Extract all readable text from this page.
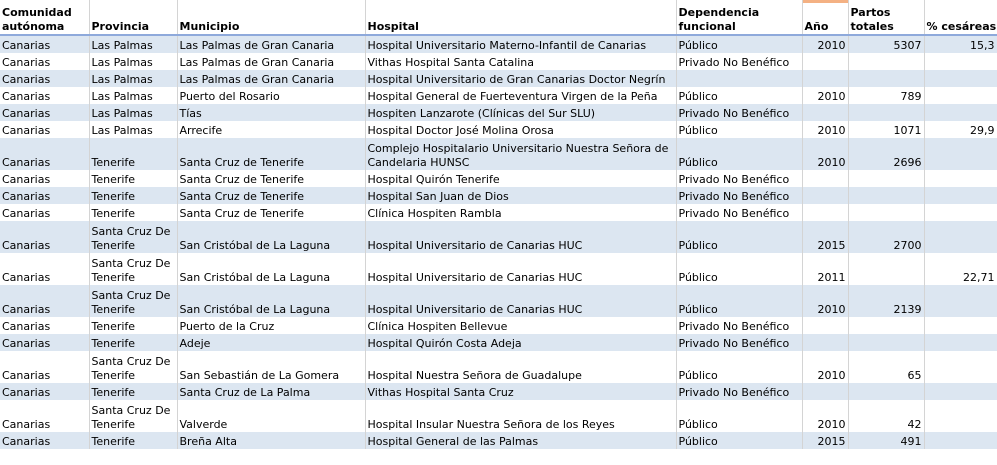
Comunidad autónoma	Provincia	Municipio	Hospital	Dependencia funcional	Año	Partos totales	% cesáreas
Canarias	Las Palmas	Las Palmas de Gran Canaria	Hospital Universitario Materno-Infantil de Canarias	Público	2010	5307	15,3
Canarias	Las Palmas	Las Palmas de Gran Canaria	Vithas Hospital Santa Catalina	Privado No Benéfico			
Canarias	Las Palmas	Las Palmas de Gran Canaria	Hospital Universitario de Gran Canarias Doctor Negrín				
Canarias	Las Palmas	Puerto del Rosario	Hospital General de Fuerteventura Virgen de la Peña	Público	2010	789	
Canarias	Las Palmas	Tías	Hospiten Lanzarote (Clínicas del Sur SLU)	Privado No Benéfico			
Canarias	Las Palmas	Arrecife	Hospital Doctor José Molina Orosa	Público	2010	1071	29,9
Canarias	Tenerife	Santa Cruz de Tenerife	Complejo Hospitalario Universitario Nuestra Señora de Candelaria HUNSC	Público	2010	2696	
Canarias	Tenerife	Santa Cruz de Tenerife	Hospital Quirón Tenerife	Privado No Benéfico			
Canarias	Tenerife	Santa Cruz de Tenerife	Hospital San Juan de Dios	Privado No Benéfico			
Canarias	Tenerife	Santa Cruz de Tenerife	Clínica Hospiten Rambla	Privado No Benéfico			
Canarias	Santa Cruz De Tenerife	San Cristóbal de La Laguna	Hospital Universitario de Canarias HUC	Público	2015	2700	
Canarias	Santa Cruz De Tenerife	San Cristóbal de La Laguna	Hospital Universitario de Canarias HUC	Público	2011		22,71
Canarias	Santa Cruz De Tenerife	San Cristóbal de La Laguna	Hospital Universitario de Canarias HUC	Público	2010	2139	
Canarias	Tenerife	Puerto de la Cruz	Clínica Hospiten Bellevue	Privado No Benéfico			
Canarias	Tenerife	Adeje	Hospital Quirón Costa Adeja	Privado No Benéfico			
Canarias	Santa Cruz De Tenerife	San Sebastián de La Gomera	Hospital Nuestra Señora de Guadalupe	Público	2010	65	
Canarias	Tenerife	Santa Cruz de La Palma	Vithas Hospital Santa Cruz	Privado No Benéfico			
Canarias	Santa Cruz De Tenerife	Valverde	Hospital Insular Nuestra Señora de los Reyes	Público	2010	42	
Canarias	Tenerife	Breña Alta	Hospital General de las Palmas	Público	2015	491	
